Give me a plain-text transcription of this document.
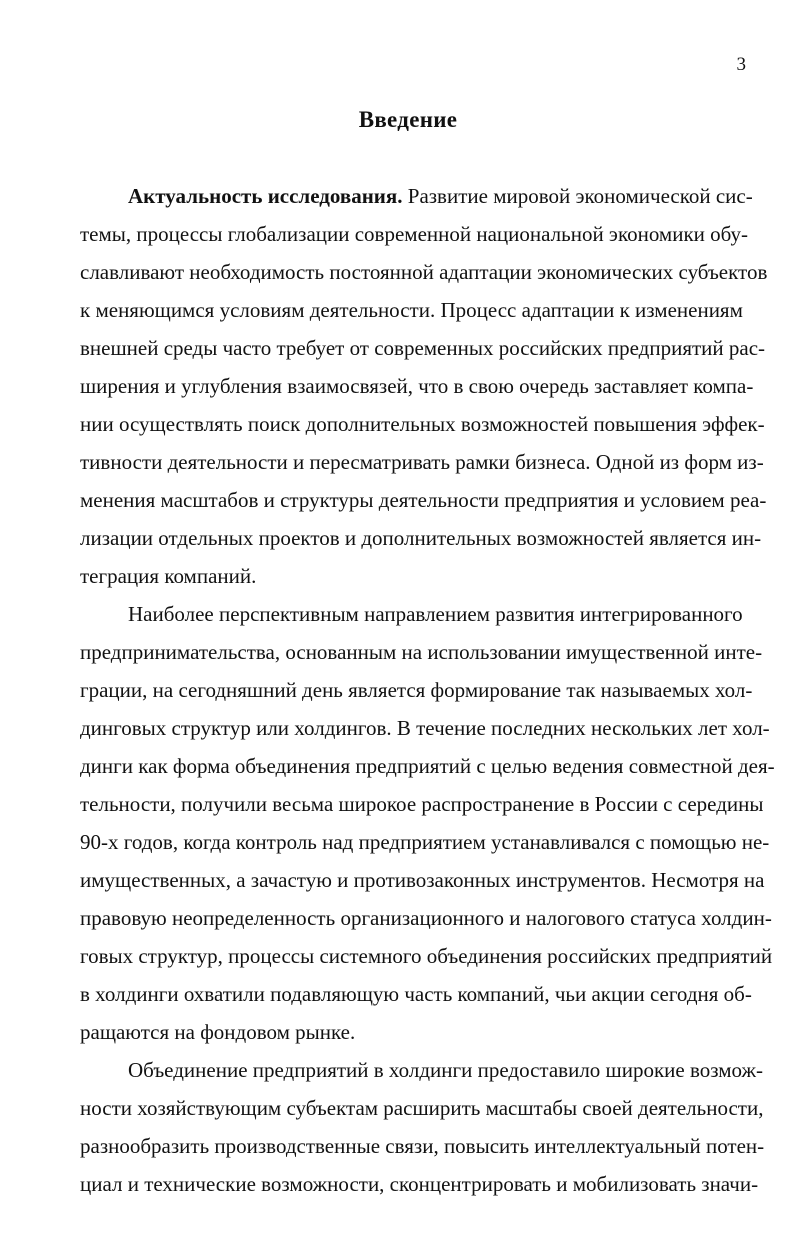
3
Введение
Актуальность исследования. Развитие мировой экономической сис-
темы, процессы глобализации современной национальной экономики обу-
славливают необходимость постоянной адаптации экономических субъектов
к меняющимся условиям деятельности. Процесс адаптации к изменениям
внешней среды часто требует от современных российских предприятий рас-
ширения и углубления взаимосвязей, что в свою очередь заставляет компа-
нии осуществлять поиск дополнительных возможностей повышения эффек-
тивности деятельности и пересматривать рамки бизнеса. Одной из форм из-
менения масштабов и структуры деятельности предприятия и условием реа-
лизации отдельных проектов и дополнительных возможностей является ин-
теграция компаний.
Наиболее перспективным направлением развития интегрированного
предпринимательства, основанным на использовании имущественной инте-
грации, на сегодняшний день является формирование так называемых хол-
динговых структур или холдингов. В течение последних нескольких лет хол-
динги как форма объединения предприятий с целью ведения совместной дея-
тельности, получили весьма широкое распространение в России с середины
90-х годов, когда контроль над предприятием устанавливался с помощью не-
имущественных, а зачастую и противозаконных инструментов. Несмотря на
правовую неопределенность организационного и налогового статуса холдин-
говых структур, процессы системного объединения российских предприятий
в холдинги охватили подавляющую часть компаний, чьи акции сегодня об-
ращаются на фондовом рынке.
Объединение предприятий в холдинги предоставило широкие возмож-
ности хозяйствующим субъектам расширить масштабы своей деятельности,
разнообразить производственные связи, повысить интеллектуальный потен-
циал и технические возможности, сконцентрировать и мобилизовать значи-
